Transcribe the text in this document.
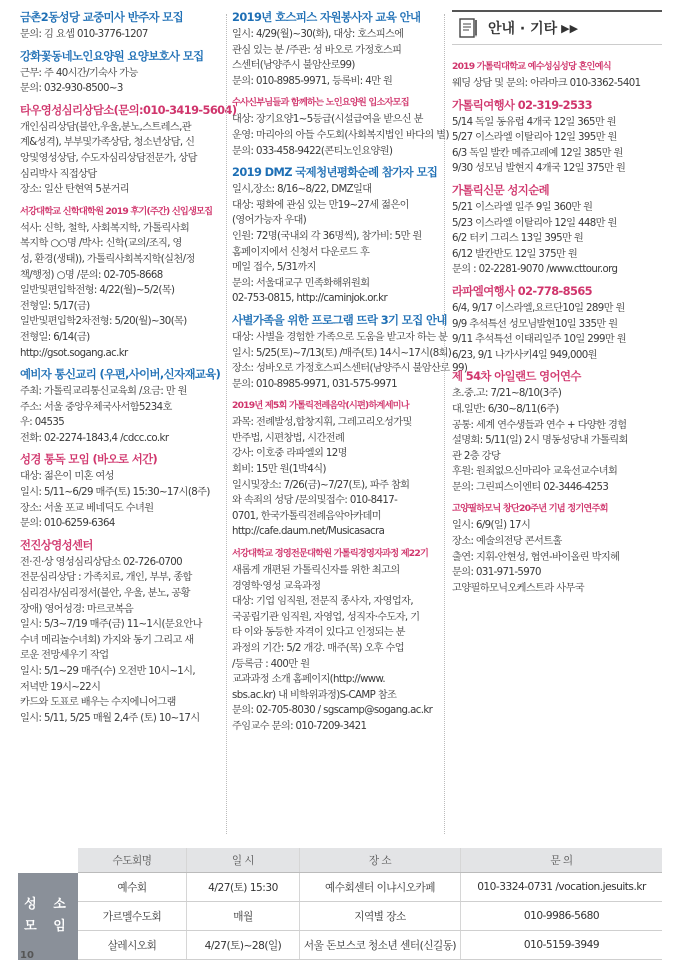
금촌2동성당 교중미사 반주자 모집
문의: 김 요셉 010-3776-1207
강화꽃동네노인요양원 요양보호사 모집
근무: 주 40시간/기숙사 가능
문의: 032-930-8500~3
타우영성심리상담소(문의:010-3419-5604)
개인심리상담(불안,우울,분노,스트레스,관
계&성격), 부부및가족상담, 청소년상담, 신
앙및영성상담, 수도자심리상담전문가, 상담
심리박사 직접상담
장소: 일산 탄현역 5분거리
서강대학교 신학대학원 2019 후기(주간) 신입생모집
석사: 신학, 철학, 사회복지학, 가톨릭사회
복지학 ○○명 /박사: 신학(교의/조직, 영
성, 환경(생태)), 가톨릭사회복지학(실천/정
책/행정) ○명 /문의: 02-705-8668
일반및편입학전형: 4/22(월)~5/2(목)
전형일: 5/17(금)
일반및편입학2차전형: 5/20(월)~30(목)
전형일: 6/14(금)
http://gsot.sogang.ac.kr
예비자 통신교리 (우편,사이버,신자재교육)
주최: 가톨릭교리통신교육회 /요금: 만 원
주소: 서울 중앙우체국사서함5234호
우: 04535
전화: 02-2274-1843,4 /cdcc.co.kr
성경 통독 모임 (바오로 서간)
대상: 젊은이 미혼 여성
일시: 5/11~6/29 매주(토) 15:30~17시(8주)
장소: 서울 포교 베네딕도 수녀원
문의: 010-6259-6364
전진상영성센터
전·진·상 영성심리상담소 02-726-0700
전문심리상담 : 가족치료, 개인, 부부, 종합
심리검사/심리정서(불안, 우울, 분노, 공황
장애) 영어성경: 마르코복음
일시: 5/3~7/19 매주(금) 11~1시(문요안나
수녀 메리놀수녀회) 가지와 동기 그리고 새
로운 전망세우기 작업
일시: 5/1~29 매주(수) 오전반 10시~1시,
저녁반 19시~22시
카드와 도표로 배우는 수지에니어그램
일시: 5/11, 5/25 매월 2,4주 (토) 10~17시
2019년 호스피스 자원봉사자 교육 안내
일시: 4/29(월)~30(화), 대상: 호스피스에
관심 있는 분 /주관: 성 바오로 가정호스피
스센터(남양주시 불암산로99)
문의: 010-8985-9971, 등록비: 4만 원
수사신부님들과 함께하는 노인요양원 입소자모집
대상: 장기요양1~5등급(시설급여을 받으신 분
운영: 마리아의 아들 수도회(사회복지법인 바다의 별)
문의: 033-458-9422(콘티노인요양원)
2019 DMZ 국제청년평화순례 참가자 모집
일시,장소: 8/16~8/22, DMZ일대
대상: 평화에 관심 있는 만19~27세 젊은이
(영어가능자 우대)
인원: 72명(국내외 각 36명씩), 참가비: 5만 원
홈페이지에서 신청서 다운로드 후
메일 접수, 5/31까지
문의: 서울대교구 민족화해위원회
02-753-0815, http://caminjok.or.kr
사별가족을 위한 프로그램 뜨락 3기 모집 안내
대상: 사별을 경험한 가족으로 도움을 받고자 하는 분
일시: 5/25(토)~7/13(토) /매주(토) 14시~17시(8회)
장소: 성바오로 가정호스피스센터(남양주시 불암산로 99)
문의: 010-8985-9971, 031-575-9971
2019년 제5회 가톨릭전례음악(시편)하계세미나
과목: 전례발성,합창지휘, 그레고리오성가및
반주법, 시편창법, 시간전례
강사: 이호중 라파엘외 12명
회비: 15만 원(1박4식)
일시및장소: 7/26(금)~7/27(토), 파주 참회
와 속죄의 성당 /문의및접수: 010-8417-
0701, 한국가톨릭전례음악아카데미
http://cafe.daum.net/Musicasacra
서강대학교 경영전문대학원 가톨릭경영자과정 제22기
새롭게 개편된 가톨릭신자를 위한 최고의
경영학·영성 교육과정
대상: 기업 임직원, 전문직 종사자, 자영업자,
국공립기관 임직원, 자영업, 성직자·수도자, 기
타 이와 동등한 자격이 있다고 인정되는 분
과정의 기간: 5/2 개강. 매주(목) 오후 수업
/등록금 : 400만 원
교과과정 소개 홈페이지(http://www.
sbs.ac.kr) 내 비학위과정)S-CAMP 참조
문의: 02-705-8030 / sgscamp@sogang.ac.kr
주임교수 문의: 010-7209-3421
안내 · 기타 ▶▶
2019 가톨릭대학교 예수성심성당 혼인예식
웨딩 상담 및 문의: 아라마크 010-3362-5401
가톨릭여행사 02-319-2533
5/14 독일 동유럽 4개국 12일 365만 원
5/27 이스라엘 이탈리아 12일 395만 원
6/3 독일 발칸 메쥬고레예 12일 385만 원
9/30 성모님 발현지 4개국 12일 375만 원
가톨릭신문 성지순례
5/21 이스라엘 일주 9일 360만 원
5/23 이스라엘 이탈리아 12일 448만 원
6/2 터키 그리스 13일 395만 원
6/12 발칸반도 12일 375만 원
문의 : 02-2281-9070 /www.cttour.org
라파엘여행사 02-778-8565
6/4, 9/17 이스라엘,요르단10일 289만 원
9/9 추석특선 성모님발현10일 335만 원
9/11 추석특선 이태리일주 10일 299만 원
6/23, 9/1 나가사키4일 949,000원
제 54차 아일랜드 영어연수
초.중.고: 7/21~8/10(3주)
대.일반: 6/30~8/11(6주)
공통: 세계 연수생들과 연수 + 다양한 경험
설명회: 5/11(일) 2시 명동성당내 가톨릭회
관 2층 강당
후원: 원죄없으신마리아 교육선교수녀회
문의: 그린피스이엔티 02-3446-4253
고양필하모닉 창단20주년 기념 정기연주회
일시: 6/9(일) 17시
장소: 예술의전당 콘서트홀
출연: 지휘-안현성, 협연-바이올린 박지혜
문의: 031-971-5970
고양필하모닉오케스트라 사무국
	수도회명	일 시	장 소	문 의

성 소
모 임	예수회	4/27(토) 15:30	예수회센터 이냐시오카페	010-3324-0731 /vocation.jesuits.kr
	가르멜수도회	매월	지역별 장소	010-9986-5680
	살레시오회	4/27(토)~28(일)	서울 돈보스코 청소년 센터(신길동)	010-5159-3949
10
